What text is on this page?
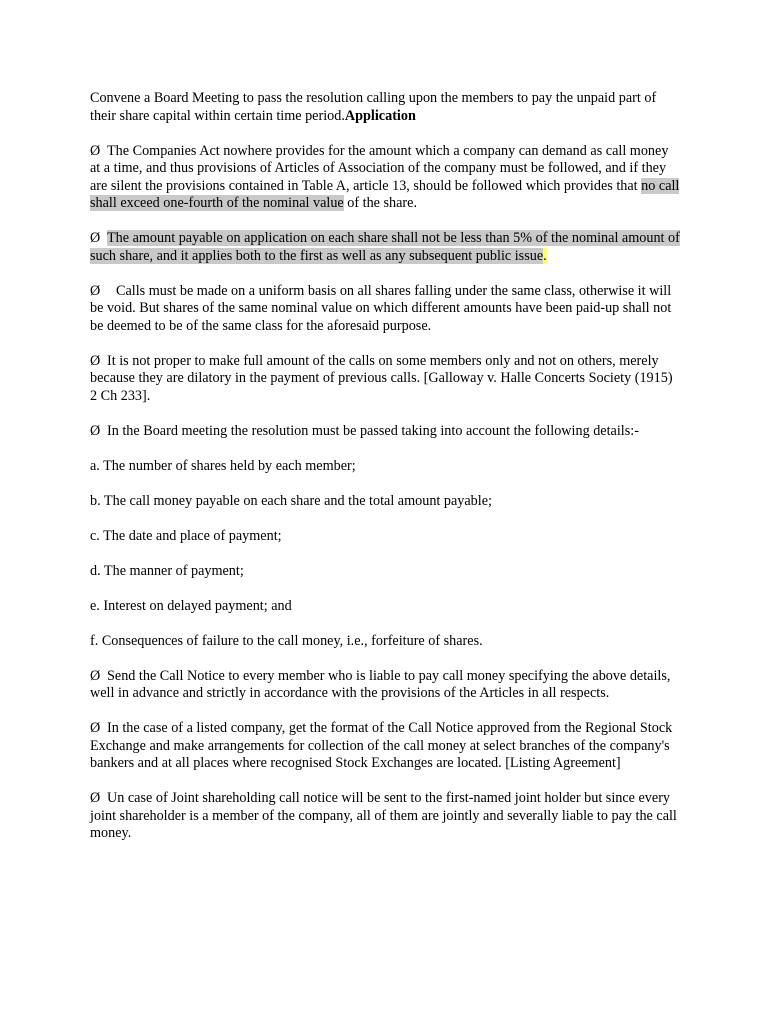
Convene a Board Meeting to pass the resolution calling upon the members to pay the unpaid part of their share capital within certain time period.Application

Ø The Companies Act nowhere provides for the amount which a company can demand as call money at a time, and thus provisions of Articles of Association of the company must be followed, and if they are silent the provisions contained in Table A, article 13, should be followed which provides that no call shall exceed one-fourth of the nominal value of the share.

Ø The amount payable on application on each share shall not be less than 5% of the nominal amount of such share, and it applies both to the first as well as any subsequent public issue.

Ø Calls must be made on a uniform basis on all shares falling under the same class, otherwise it will be void. But shares of the same nominal value on which different amounts have been paid-up shall not be deemed to be of the same class for the aforesaid purpose.

Ø It is not proper to make full amount of the calls on some members only and not on others, merely because they are dilatory in the payment of previous calls. [Galloway v. Halle Concerts Society (1915) 2 Ch 233].

Ø In the Board meeting the resolution must be passed taking into account the following details:-

a. The number of shares held by each member;

b. The call money payable on each share and the total amount payable;

c. The date and place of payment;

d. The manner of payment;

e. Interest on delayed payment; and

f. Consequences of failure to the call money, i.e., forfeiture of shares.

Ø Send the Call Notice to every member who is liable to pay call money specifying the above details, well in advance and strictly in accordance with the provisions of the Articles in all respects.

Ø In the case of a listed company, get the format of the Call Notice approved from the Regional Stock Exchange and make arrangements for collection of the call money at select branches of the company's bankers and at all places where recognised Stock Exchanges are located. [Listing Agreement]

Ø Un case of Joint shareholding call notice will be sent to the first-named joint holder but since every joint shareholder is a member of the company, all of them are jointly and severally liable to pay the call money.
